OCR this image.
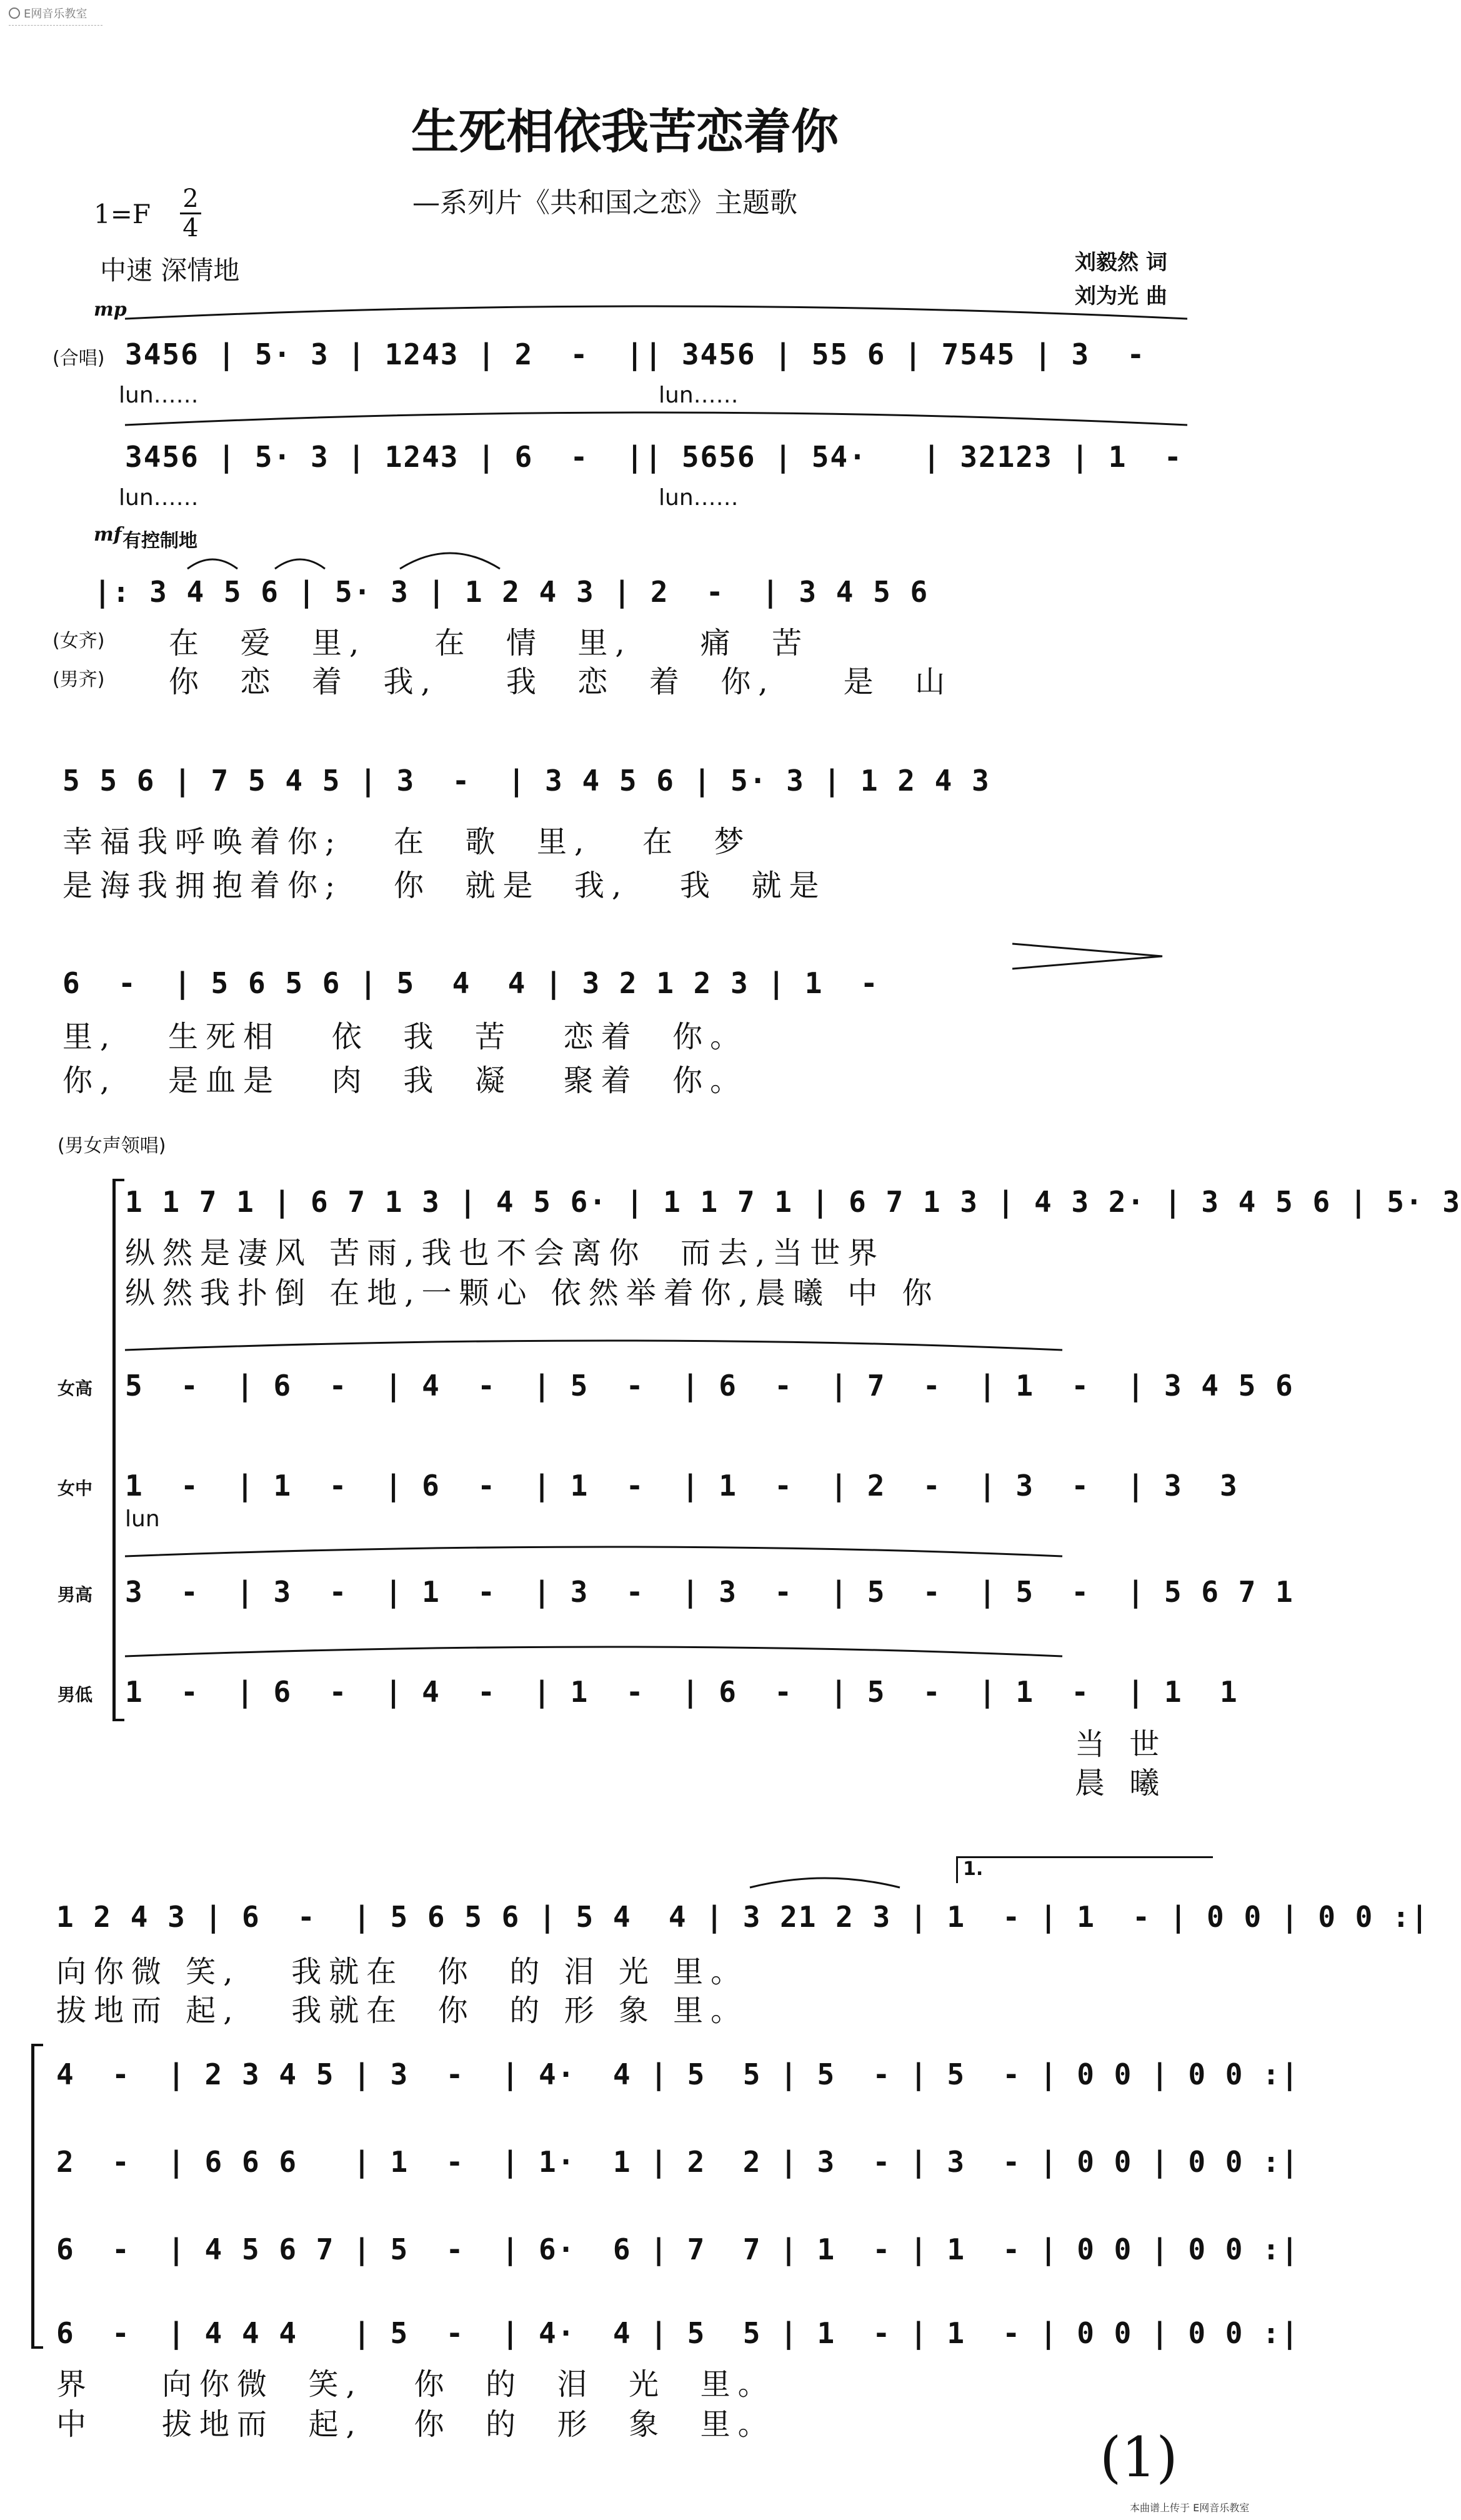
E网音乐教室
生死相依我苦恋着你
—系列片《共和国之恋》主题歌
1=F 2
4
中速 深情地	刘毅然 词
刘为光 曲
mp
(合唱) 3456 | 5· 3 | 1243 | 2  -  || 3456 | 55 6 | 7545 | 3  -
lun……	lun……
3456 | 5· 3 | 1243 | 6  -  || 5656 | 54·   | 32123 | 1  -
lun……	lun……
mf 有控制地
|: 3 4 5 6 | 5· 3 | 1 2 4 3 | 2  -  | 3 4 5 6
(女齐)
(男齐)
在  爱  里,    在  情  里,    痛  苦
你  恋  着  我,    我  恋  着  你,    是  山
5 5 6 | 7 5 4 5 | 3  -  | 3 4 5 6 | 5· 3 | 1 2 4 3
幸福我呼唤着你;   在  歌  里,   在  梦
是海我拥抱着你;   你  就是  我,   我  就是
6  -  | 5 6 5 6 | 5  4  4 | 3 2 1 2 3 | 1  -
里,   生死相   依  我  苦   恋着  你。
你,   是血是   肉  我  凝   聚着  你。
(男女声领唱)
1 1 7 1 | 6 7 1 3 | 4 5 6· | 1 1 7 1 | 6 7 1 3 | 4 3 2· | 3 4 5 6 | 5· 3
纵然是凄风 苦雨,我也不会离你  而去,当世界
纵然我扑倒 在地,一颗心 依然举着你,晨曦 中 你
女高 5  -  | 6  -  | 4  -  | 5  -  | 6  -  | 7  -  | 1  -  | 3 4 5 6
女中 1  -  | 1  -  | 6  -  | 1  -  | 1  -  | 2  -  | 3  -  | 3  3
lun
男高 3  -  | 3  -  | 1  -  | 3  -  | 3  -  | 5  -  | 5  -  | 5 6 7 1
男低 1  -  | 6  -  | 4  -  | 1  -  | 6  -  | 5  -  | 1  -  | 1  1
当 世
晨 曦
1.
1 2 4 3 | 6  -  | 5 6 5 6 | 5 4  4 | 3 21 2 3 | 1  - | 1  - | 0 0 | 0 0 :|
向你微 笑,   我就在  你  的 泪 光 里。
拔地而 起,   我就在  你  的 形 象 里。
4  -  | 2 3 4 5 | 3  -  | 4·  4 | 5  5 | 5  - | 5  - | 0 0 | 0 0 :|
2  -  | 6 6 6   | 1  -  | 1·  1 | 2  2 | 3  - | 3  - | 0 0 | 0 0 :|
6  -  | 4 5 6 7 | 5  -  | 6·  6 | 7  7 | 1  - | 1  - | 0 0 | 0 0 :|
6  -  | 4 4 4   | 5  -  | 4·  4 | 5  5 | 1  - | 1  - | 0 0 | 0 0 :|
界    向你微  笑,   你  的  泪  光  里。
中    拔地而  起,   你  的  形  象  里。
(1)
本曲谱上传于 E网音乐教室
